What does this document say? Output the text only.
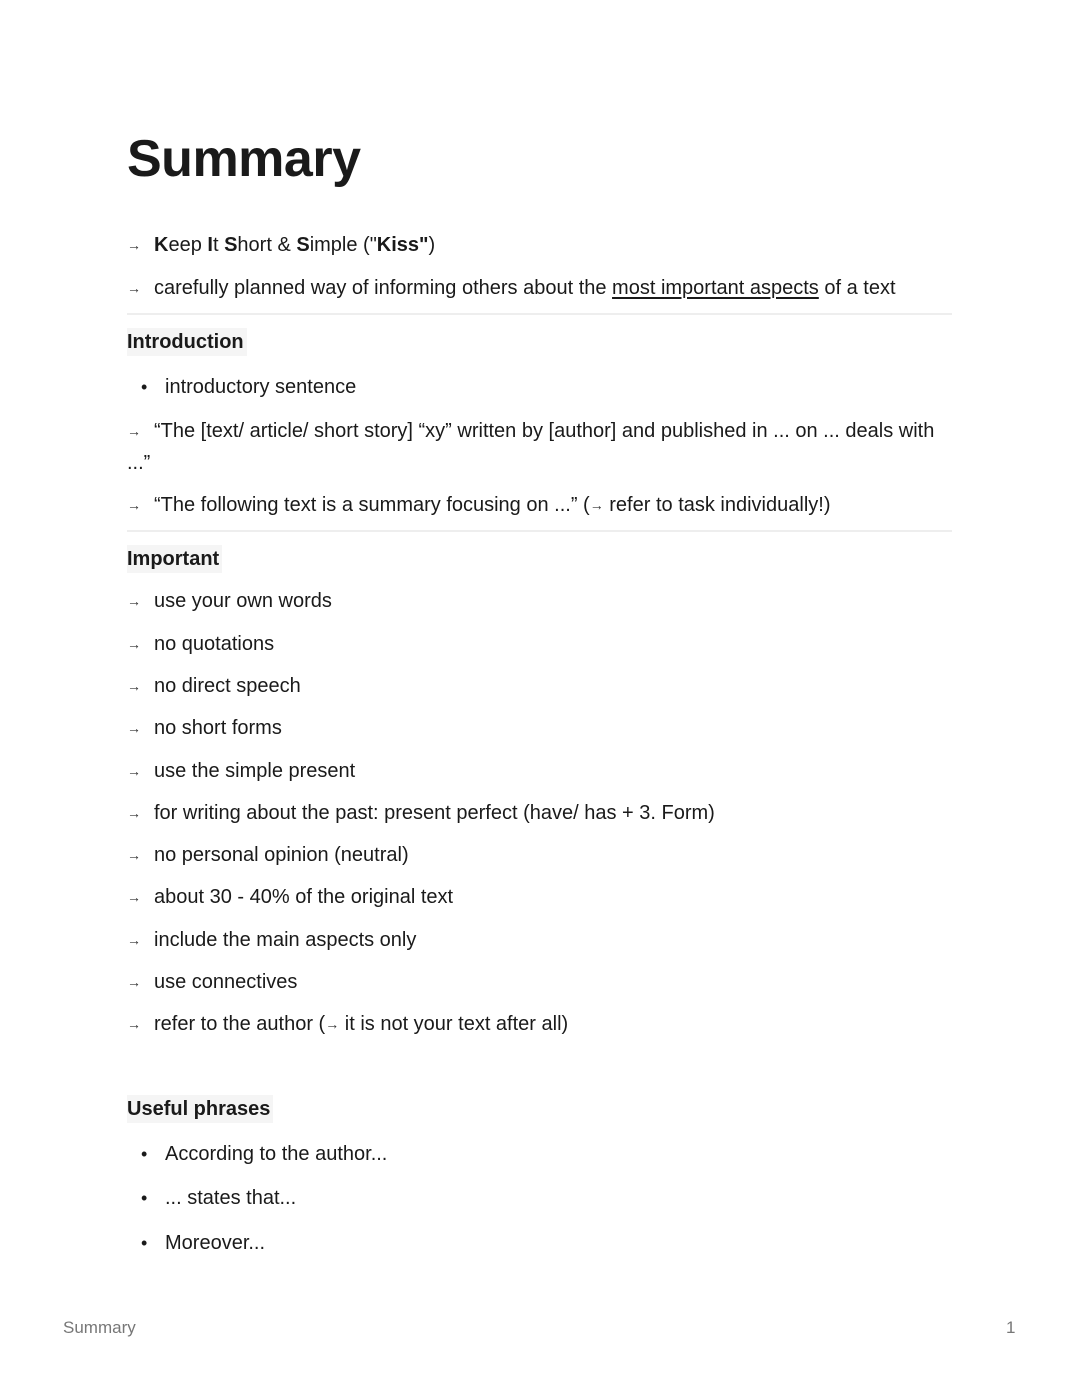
Summary
→ Keep It Short & Simple ("Kiss")
→ carefully planned way of informing others about the most important aspects of a text
Introduction
• introductory sentence
→ “The [text/ article/ short story] “xy” written by [author] and published in ... on ... deals with ...”
→ “The following text is a summary focusing on ...” (→ refer to task individually!)
Important
→ use your own words
→ no quotations
→ no direct speech
→ no short forms
→ use the simple present
→ for writing about the past: present perfect (have/ has + 3. Form)
→ no personal opinion (neutral)
→ about 30 - 40% of the original text
→ include the main aspects only
→ use connectives
→ refer to the author (→ it is not your text after all)
Useful phrases
• According to the author...
• ... states that...
• Moreover...
Summary	1
